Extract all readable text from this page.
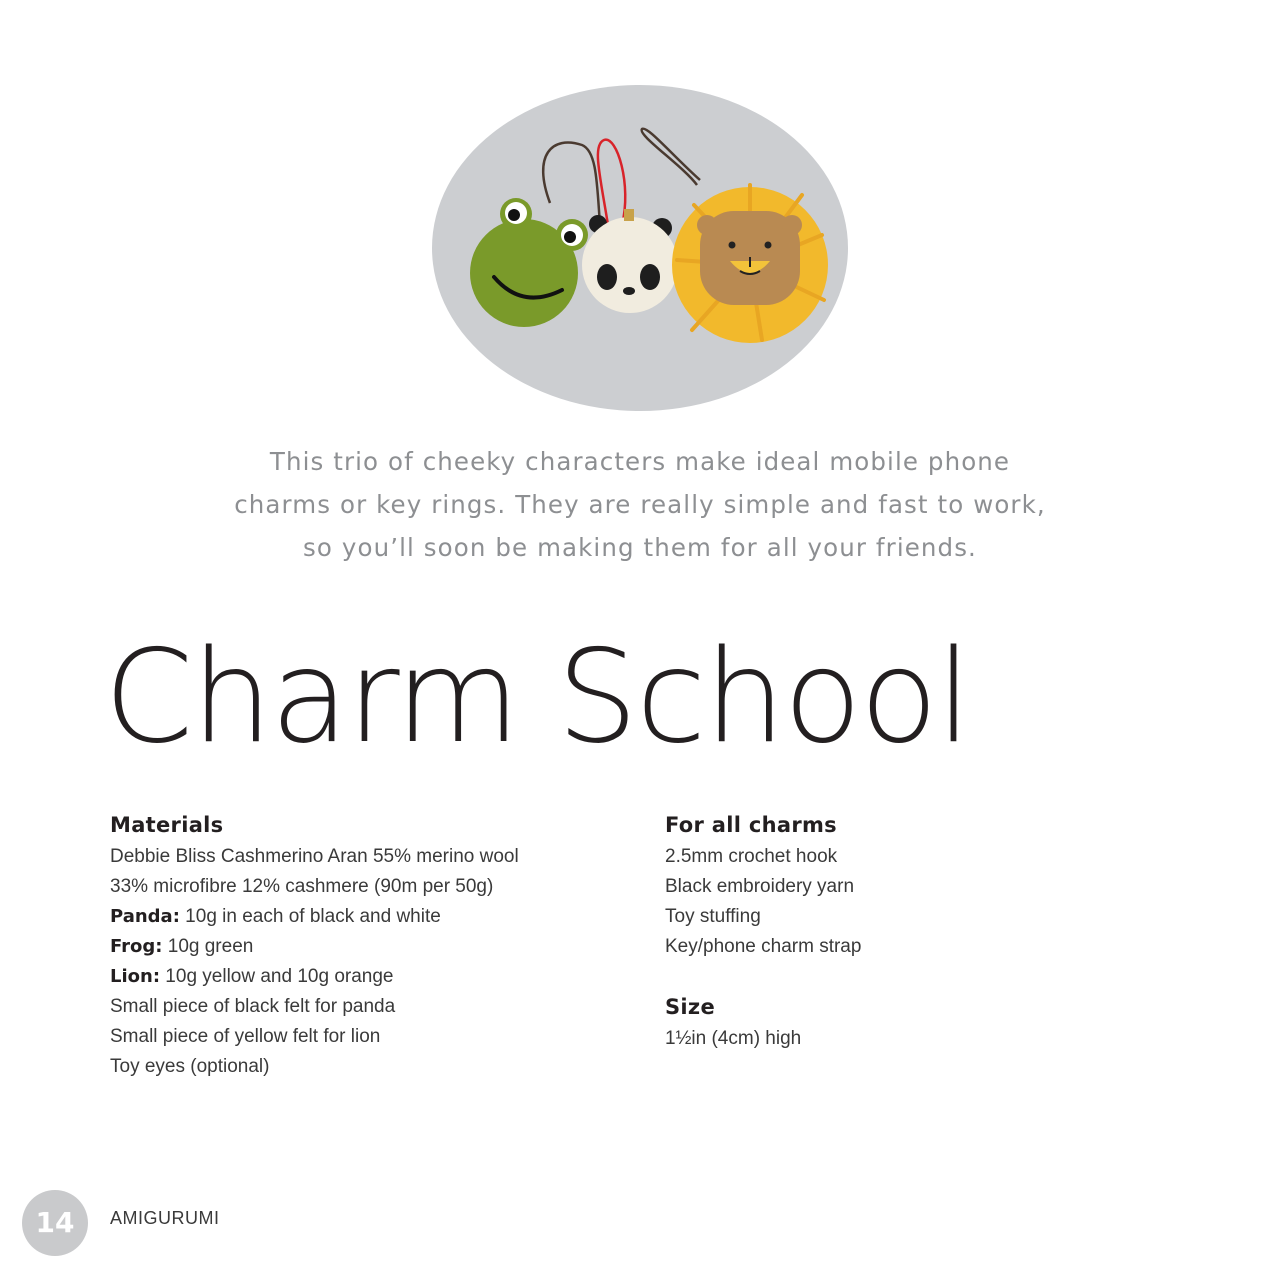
This trio of cheeky characters make ideal mobile phone
charms or key rings. They are really simple and fast to work,
so you’ll soon be making them for all your friends.

Charm School
Materials

Debbie Bliss Cashmerino Aran 55% merino wool

33% microfibre 12% cashmere (90m per 50g)

Panda: 10g in each of black and white

Frog: 10g green

Lion: 10g yellow and 10g orange

Small piece of black felt for panda

Small piece of yellow felt for lion

Toy eyes (optional)

For all charms

2.5mm crochet hook

Black embroidery yarn

Toy stuffing

Key/phone charm strap

Size

1½in (4cm) high

14	AMIGURUMI
